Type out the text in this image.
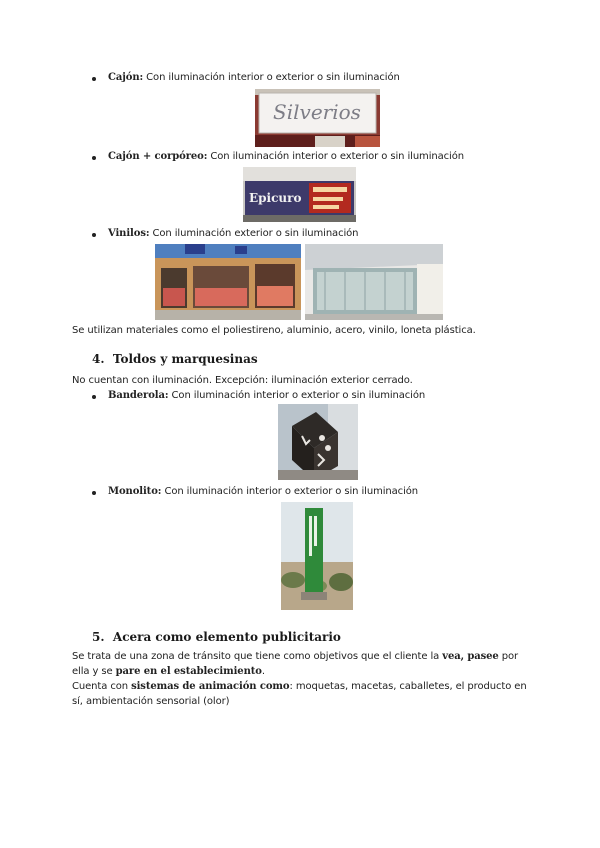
Cajón: Con iluminación interior o exterior o sin iluminación
Silverios
Cajón + corpóreo: Con iluminación interior o exterior o sin iluminación
Epicuro
Vinilos: Con iluminación exterior o sin iluminación
Se utilizan materiales como el poliestireno, aluminio, acero, vinilo, loneta plástica.
4. Toldos y marquesinas
No cuentan con iluminación. Excepción: iluminación exterior cerrado.
Banderola: Con iluminación interior o exterior o sin iluminación
Monolito: Con iluminación interior o exterior o sin iluminación
5. Acera como elemento publicitario
Se trata de una zona de tránsito que tiene como objetivos que el cliente la vea, pasee por
ella y se pare en el establecimiento.
Cuenta con sistemas de animación como: moquetas, macetas, caballetes, el producto en
sí, ambientación sensorial (olor)
